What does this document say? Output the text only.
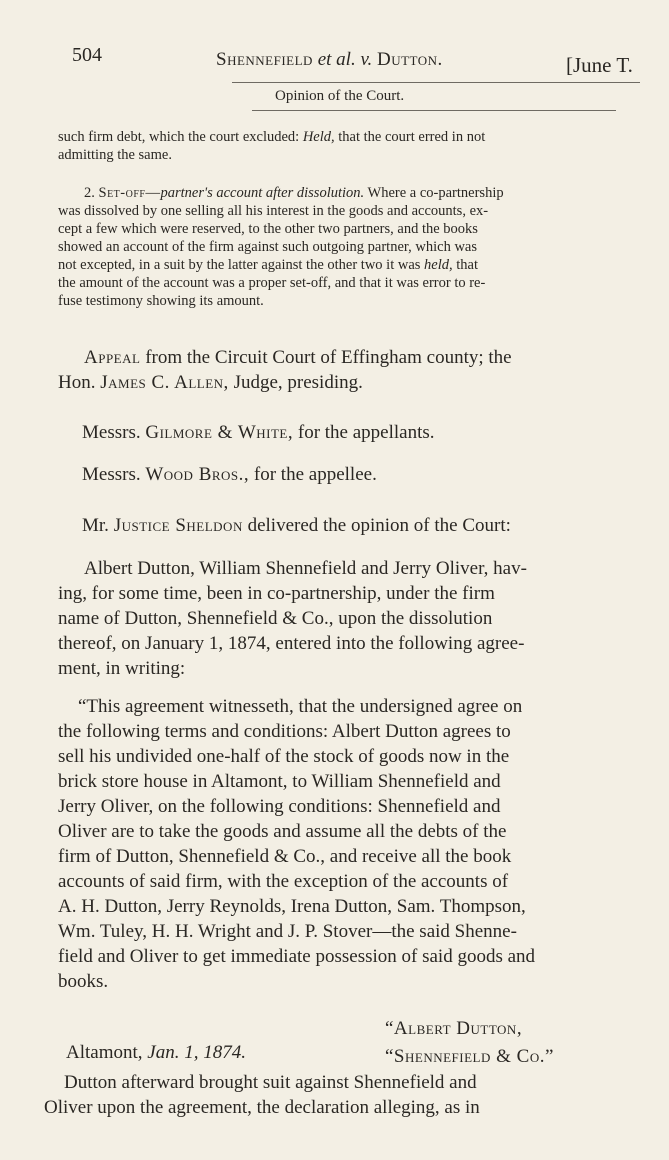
504	Shennefield et al. v. Dutton.	[June T.
Opinion of the Court.
such firm debt, which the court excluded: Held, that the court erred in not
admitting the same.
2. Set-off—partner's account after dissolution. Where a co-partnership
was dissolved by one selling all his interest in the goods and accounts, ex-
cept a few which were reserved, to the other two partners, and the books
showed an account of the firm against such outgoing partner, which was
not excepted, in a suit by the latter against the other two it was held, that
the amount of the account was a proper set-off, and that it was error to re-
fuse testimony showing its amount.
Appeal from the Circuit Court of Effingham county; the
Hon. James C. Allen, Judge, presiding.
Messrs. Gilmore & White, for the appellants.
Messrs. Wood Bros., for the appellee.
Mr. Justice Sheldon delivered the opinion of the Court:
Albert Dutton, William Shennefield and Jerry Oliver, hav-
ing, for some time, been in co-partnership, under the firm
name of Dutton, Shennefield & Co., upon the dissolution
thereof, on January 1, 1874, entered into the following agree-
ment, in writing:
“This agreement witnesseth, that the undersigned agree on
the following terms and conditions: Albert Dutton agrees to
sell his undivided one-half of the stock of goods now in the
brick store house in Altamont, to William Shennefield and
Jerry Oliver, on the following conditions: Shennefield and
Oliver are to take the goods and assume all the debts of the
firm of Dutton, Shennefield & Co., and receive all the book
accounts of said firm, with the exception of the accounts of
A. H. Dutton, Jerry Reynolds, Irena Dutton, Sam. Thompson,
Wm. Tuley, H. H. Wright and J. P. Stover—the said Shenne-
field and Oliver to get immediate possession of said goods and
books.
“Albert Dutton,
Altamont, Jan. 1, 1874.	“Shennefield & Co.”
Dutton afterward brought suit against Shennefield and
Oliver upon the agreement, the declaration alleging, as in
